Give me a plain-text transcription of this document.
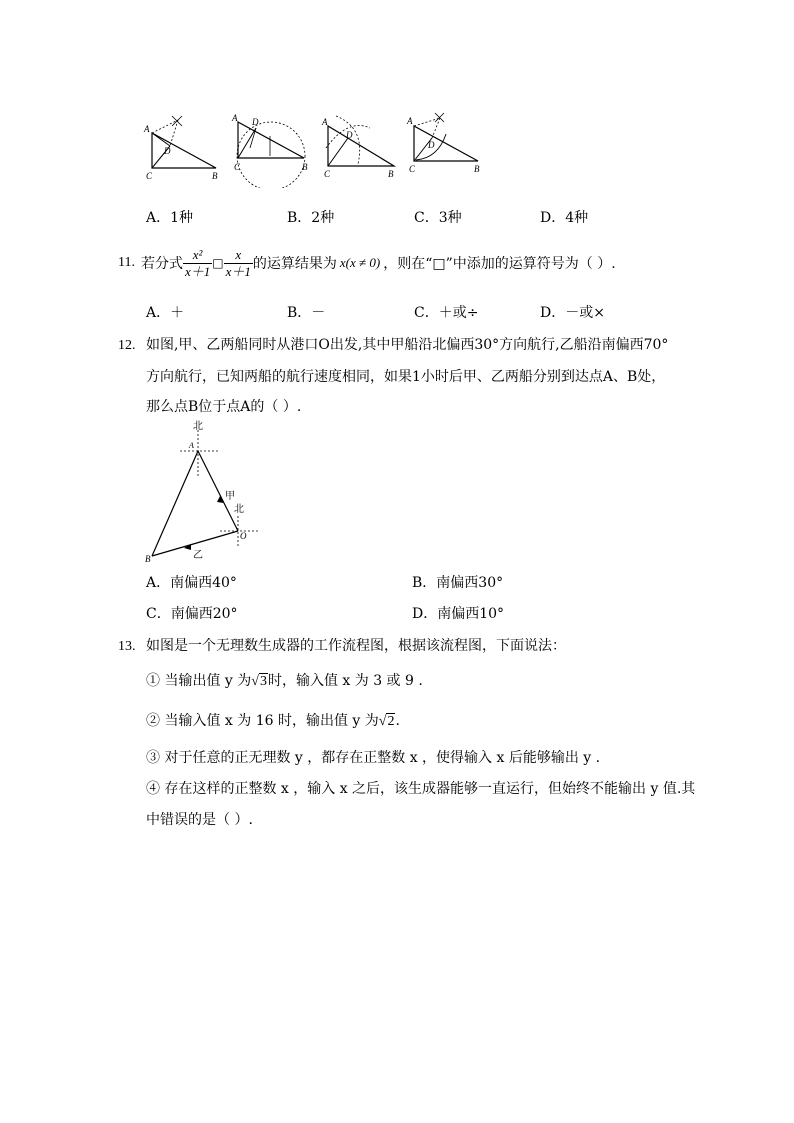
A
D
C	B
A D
C	B
A
D
C	B
A
D
C	B
A．1种	B．2种	C．3种	D．4种
11. 若分式 $\frac{\text{x²}}{x+1}$ □ $\frac{x}{x+1}$ 的运算结果为 x(x ≠ 0) ，则在“□”中添加的运算符号为（ ）.
A．＋	B．－	C．＋或÷	D．－或×
12. 如图,甲、乙两船同时从港口O出发,其中甲船沿北偏西30°方向航行,乙船沿南偏西70°
方向航行，已知两船的航行速度相同，如果1小时后甲、乙两船分别到达点A、B处，
那么点B位于点A的（ ）.
北
A
甲
北
O
B	乙
A．南偏西40°	B．南偏西30°
C．南偏西20°	D．南偏西10°
13. 如图是一个无理数生成器的工作流程图，根据该流程图，下面说法：
① 当输出值 y 为√3时，输入值 x 为 3 或 9 .
② 当输入值 x 为 16 时，输出值 y 为√2.
③ 对于任意的正无理数 y ，都存在正整数 x ，使得输入 x 后能够输出 y .
④ 存在这样的正整数 x ，输入 x 之后，该生成器能够一直运行，但始终不能输出 y 值.其
中错误的是（ ）.
